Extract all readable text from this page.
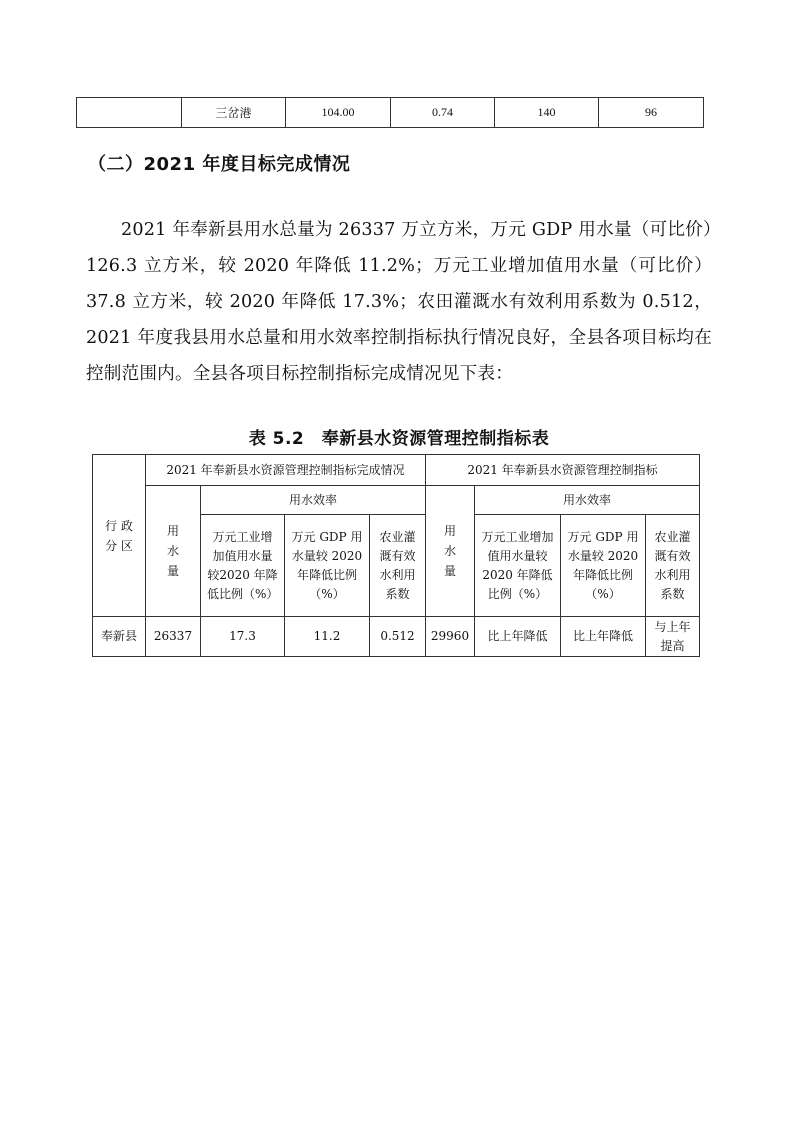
	三岔港	104.00	0.74	140	96
（二）2021 年度目标完成情况

2021 年奉新县用水总量为 26337 万立方米，万元 GDP 用水量（可比价）126.3 立方米，较 2020 年降低 11.2%；万元工业增加值用水量（可比价）37.8 立方米，较 2020 年降低 17.3%；农田灌溉水有效利用系数为 0.512，2021 年度我县用水总量和用水效率控制指标执行情况良好，全县各项目标均在控制范围内。全县各项目标控制指标完成情况见下表：

表 5.2　奉新县水资源管理控制指标表
行 政 分 区	2021 年奉新县水资源管理控制指标完成情况				2021 年奉新县水资源管理控制指标			
	用 水 量	用水效率			用 水 量	用水效率		
		万元工业增加值用水量较2020 年降低比例（%）	万元 GDP 用水量较 2020 年降低比例（%）	农业灌溉有效水利用系数		万元工业增加值用水量较2020 年降低比例（%）	万元 GDP 用水量较 2020 年降低比例（%）	农业灌溉有效水利用系数
奉新县	26337	17.3	11.2	0.512	29960	比上年降低	比上年降低	与上年提高
